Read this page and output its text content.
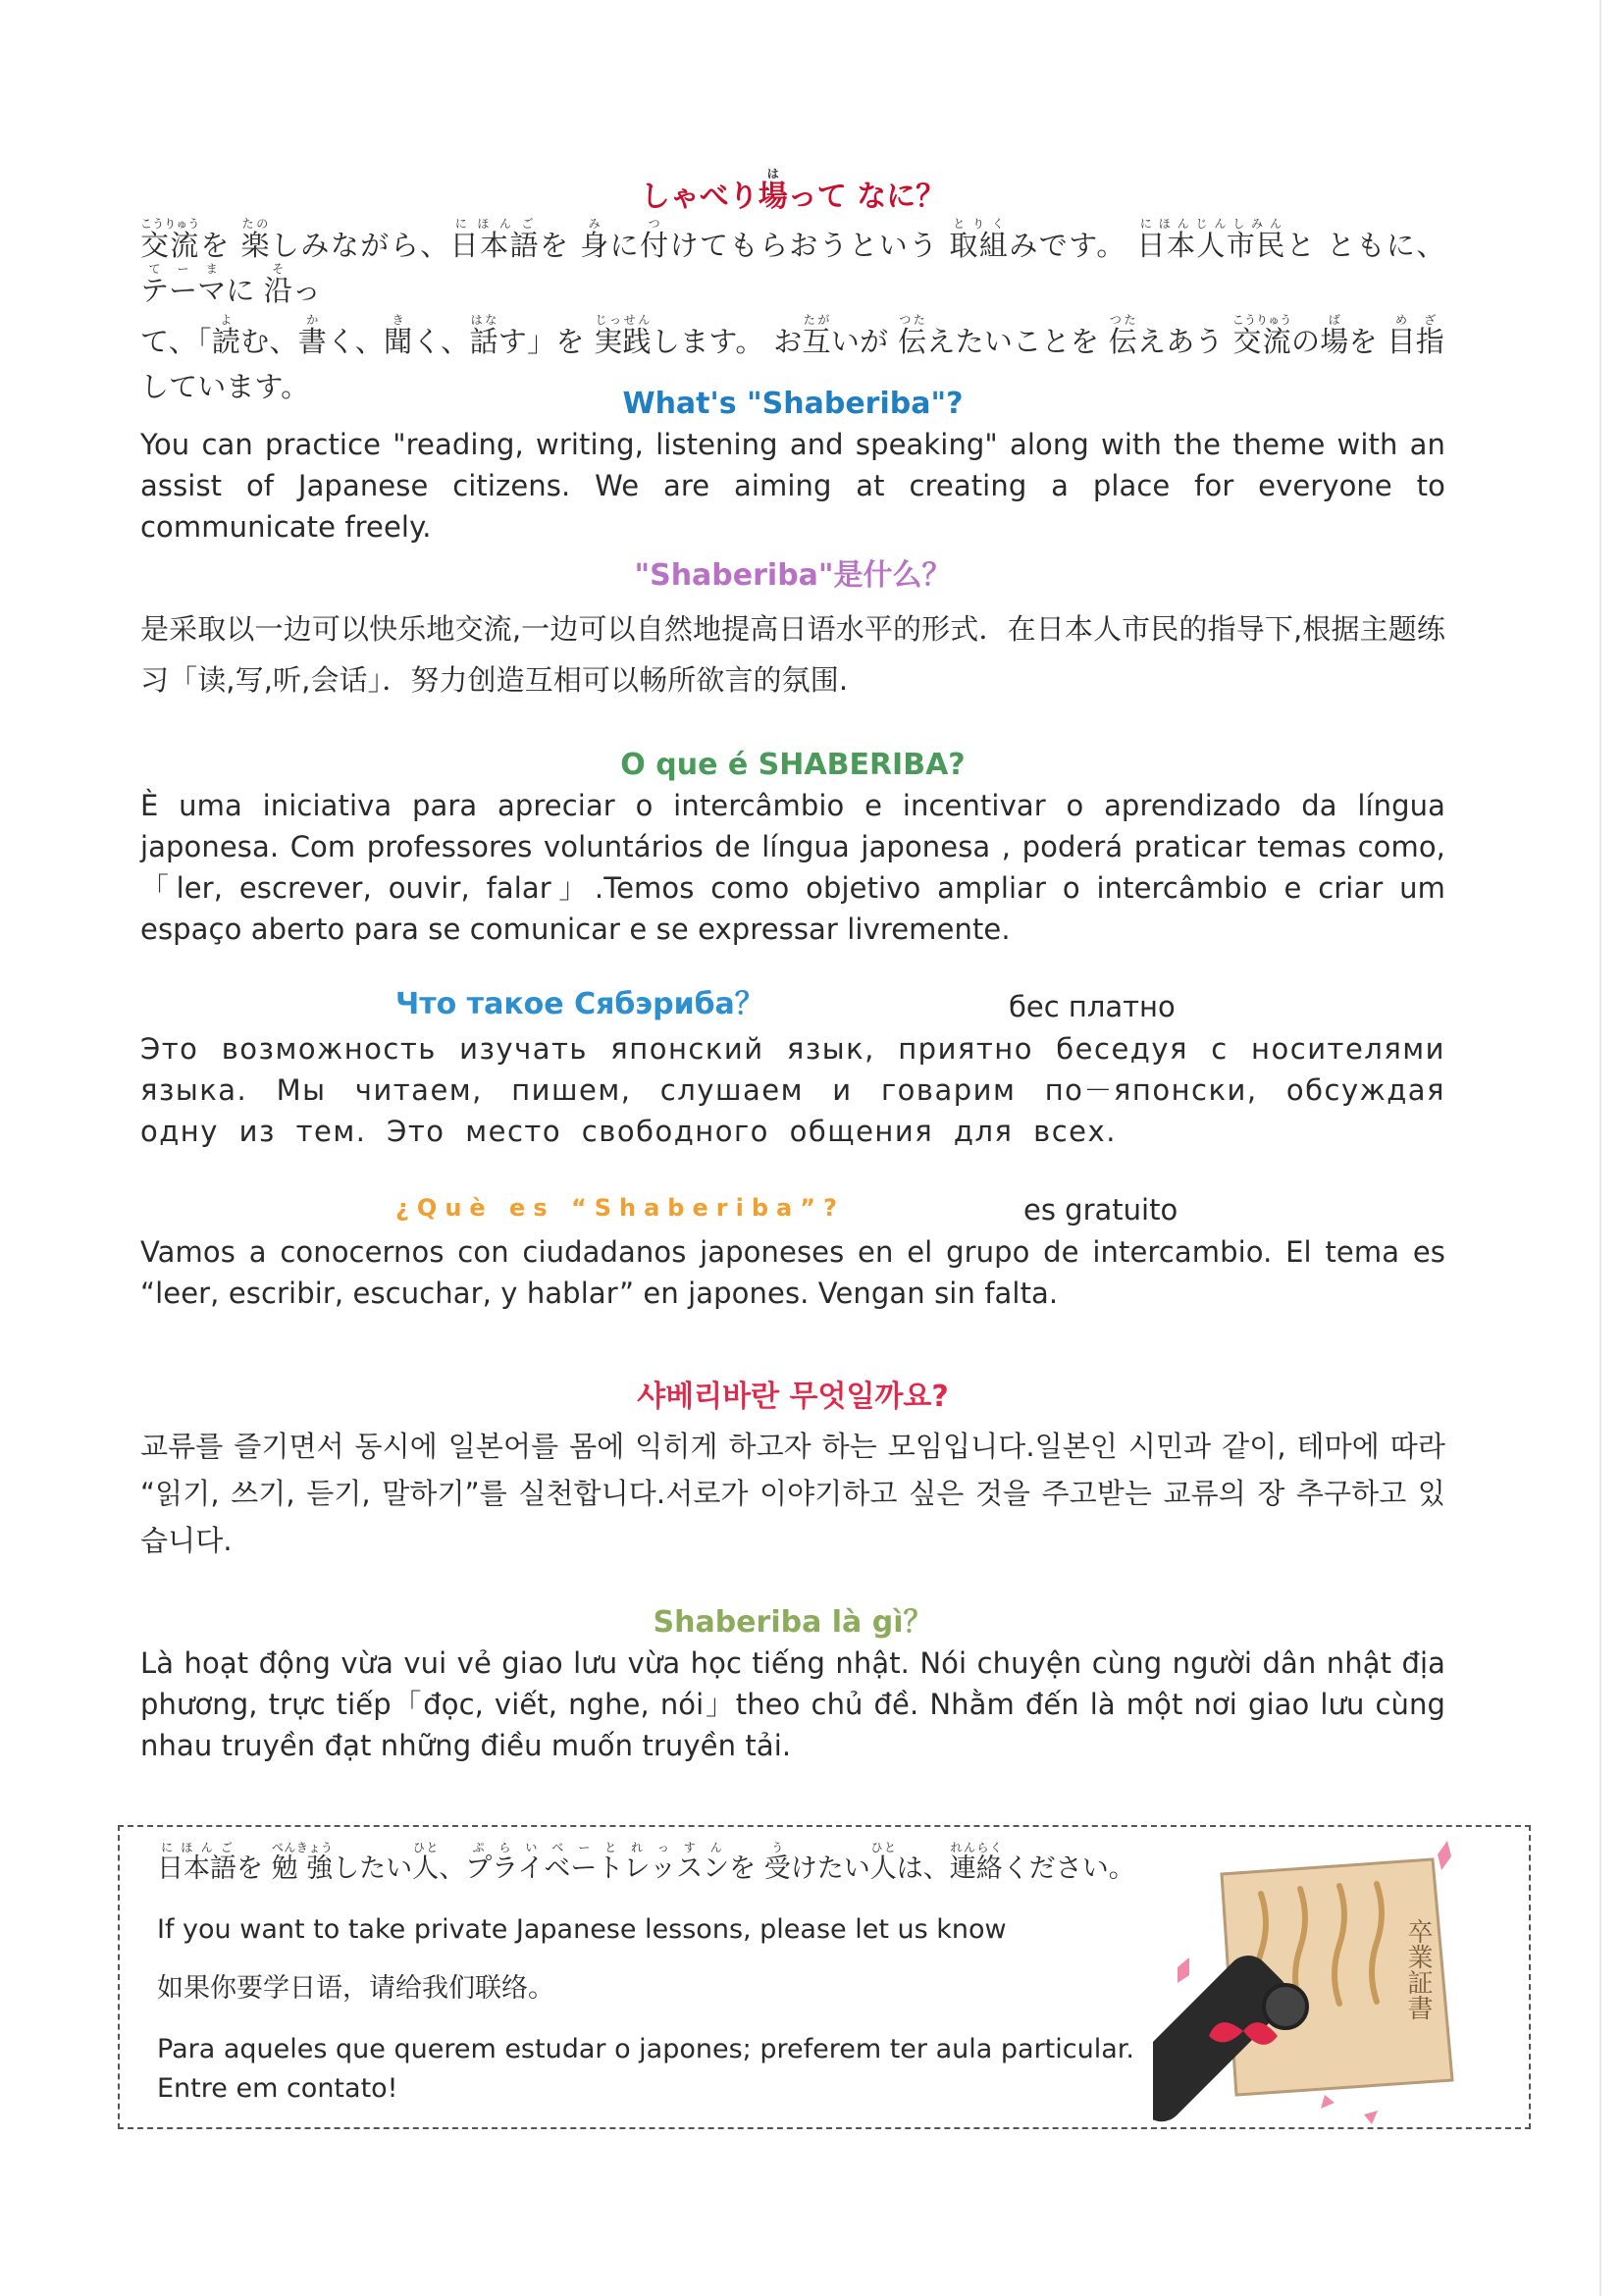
しゃべり場はって なに？

交流こうりゅうを 楽たのしみながら、日本語にほんごを 身みに付つけてもらおうという 取組とりくみです。 日本人市民にほんじんしみんと ともに、テーマてーまに 沿そっ

て、「読よむ、書かく、聞きく、話はなす」を 実践じっせんします。 お互たがいが 伝つたえたいことを 伝つたえあう 交流こうりゅうの場ばを 目指めざしています。	What's "Shaberiba"?

You can practice "reading, writing, listening and speaking" along with the theme with an assist of Japanese citizens. We are aiming at creating a place for everyone to communicate freely.

"Shaberiba"是什么？

是采取以一边可以快乐地交流,一边可以自然地提高日语水平的形式．在日本人市民的指导下,根据主题练习「读,写,听,会话」．努力创造互相可以畅所欲言的氛围.

O que é SHABERIBA?

È uma iniciativa para apreciar o intercâmbio e incentivar o aprendizado da língua japonesa. Com professores voluntários de língua japonesa , poderá praticar temas como,「ler, escrever, ouvir, falar」.Temos como objetivo ampliar o intercâmbio e criar um espaço aberto para se comunicar e se expressar livremente.

Что такое Сябэриба？	бес платно

Это возможность изучать японский язык, приятно беседуя с носителями языка. Мы читаем, пишем, слушаем и говарим по－японски, обсуждая одну из тем. Это место свободного общения для всех.

¿Què es “Shaberiba”?	es gratuito

Vamos a conocernos con ciudadanos japoneses en el grupo de intercambio. El tema es “leer, escribir, escuchar, y hablar” en japones. Vengan sin falta.

샤베리바란 무엇일까요?

교류를 즐기면서 동시에 일본어를 몸에 익히게 하고자 하는 모임입니다.일본인 시민과 같이, 테마에 따라 “읽기, 쓰기, 듣기, 말하기”를 실천합니다.서로가 이야기하고 싶은 것을 주고받는 교류의 장 추구하고 있습니다.

Shaberiba là gì？

Là hoạt động vừa vui vẻ giao lưu vừa học tiếng nhật. Nói chuyện cùng người dân nhật địa phương, trực tiếp「đọc, viết, nghe, nói」theo chủ đề. Nhằm đến là một nơi giao lưu cùng nhau truyền đạt những điều muốn truyền tải.

日本語にほんごを 勉 強べんきょうしたい人ひと、プライベートレッスンぷらいべーとれっすんを 受うけたい人ひとは、連絡れんらくください。
If you want to take private Japanese lessons, please let us know
如果你要学日语，请给我们联络。
Para aqueles que querem estudar o japones; preferem ter aula particular.
Entre em contato!
卒業証書
